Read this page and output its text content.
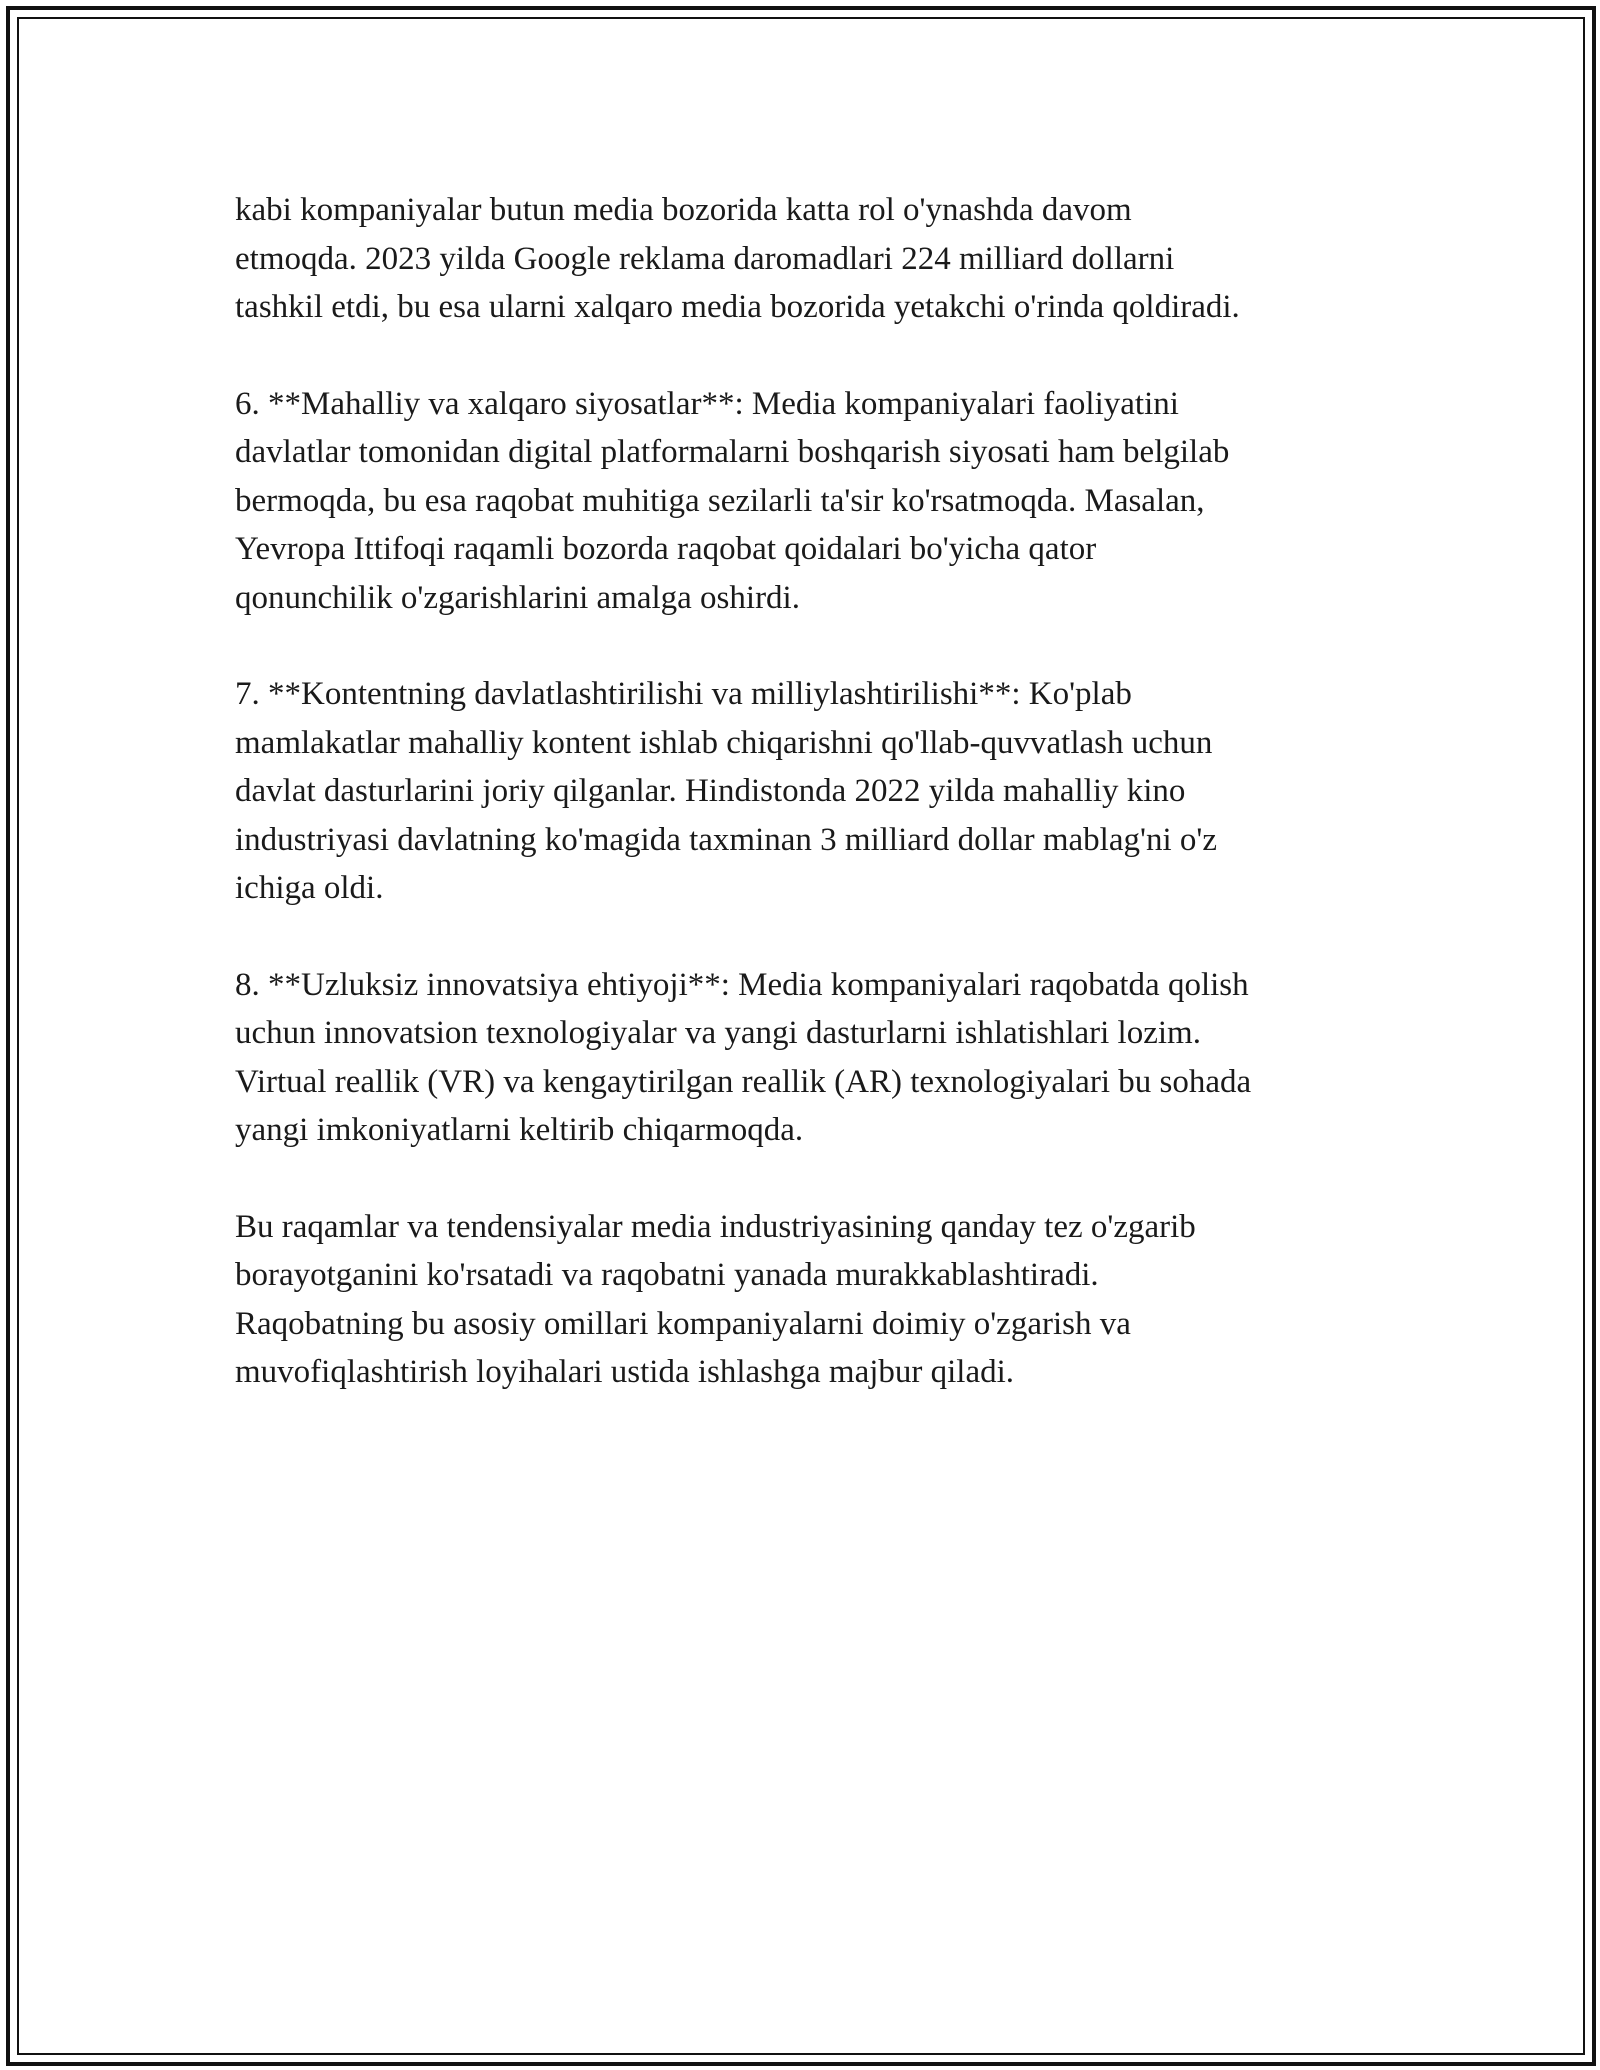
kabi kompaniyalar butun media bozorida katta rol o'ynashda davom
etmoqda. 2023 yilda Google reklama daromadlari 224 milliard dollarni
tashkil etdi, bu esa ularni xalqaro media bozorida yetakchi o'rinda qoldiradi.

6. **Mahalliy va xalqaro siyosatlar**: Media kompaniyalari faoliyatini
davlatlar tomonidan digital platformalarni boshqarish siyosati ham belgilab
bermoqda, bu esa raqobat muhitiga sezilarli ta'sir ko'rsatmoqda. Masalan,
Yevropa Ittifoqi raqamli bozorda raqobat qoidalari bo'yicha qator
qonunchilik o'zgarishlarini amalga oshirdi.

7. **Kontentning davlatlashtirilishi va milliylashtirilishi**: Ko'plab
mamlakatlar mahalliy kontent ishlab chiqarishni qo'llab-quvvatlash uchun
davlat dasturlarini joriy qilganlar. Hindistonda 2022 yilda mahalliy kino
industriyasi davlatning ko'magida taxminan 3 milliard dollar mablag'ni o'z
ichiga oldi.

8. **Uzluksiz innovatsiya ehtiyoji**: Media kompaniyalari raqobatda qolish
uchun innovatsion texnologiyalar va yangi dasturlarni ishlatishlari lozim.
Virtual reallik (VR) va kengaytirilgan reallik (AR) texnologiyalari bu sohada
yangi imkoniyatlarni keltirib chiqarmoqda.

Bu raqamlar va tendensiyalar media industriyasining qanday tez o'zgarib
borayotganini ko'rsatadi va raqobatni yanada murakkablashtiradi.
Raqobatning bu asosiy omillari kompaniyalarni doimiy o'zgarish va
muvofiqlashtirish loyihalari ustida ishlashga majbur qiladi.
